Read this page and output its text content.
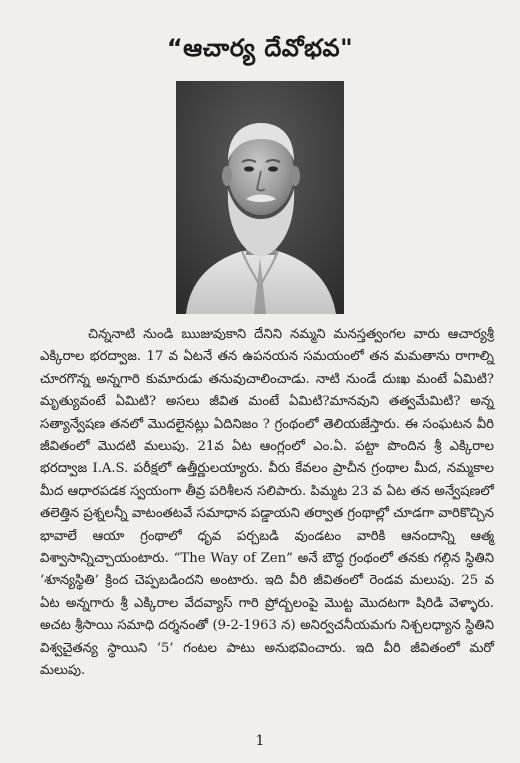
“ఆచార్య దేవోభవ"

చిన్ననాటి నుండి ఋజువుకాని దేనిని నమ్మని మనస్తత్వంగల వారు ఆచార్యశ్రీ ఎక్కిరాల భరద్వాజ. 17 వ ఏటనే తన ఉపనయన సమయంలో తన మమతాను రాగాల్ని చూరగొన్న అన్నగారి కుమారుడు తనువుచాలించాడు. నాటి నుండే దుఃఖ మంటే ఏమిటి? మృత్యువంటే ఏమిటి? అసలు జీవిత మంటే ఏమిటి?మానవుని తత్వమేమిటి? అన్న సత్యాన్వేషణ తనలో మొదలైనట్లు ఏదినిజం ? గ్రంథంలో తెలియజేస్తారు. ఈ సంఘటన వీరి జీవితంలో మొదటి మలుపు. 21వ ఏట ఆంగ్లంలో ఎం.ఏ. పట్టా పొందిన శ్రీ ఎక్కిరాల భరద్వాజ I.A.S. పరీక్షలో ఉత్తీర్ణులయ్యారు. వీరు కేవలం ప్రాచీన గ్రంథాల మీద, నమ్మకాల మీద ఆధారపడక స్వయంగా తీవ్ర పరిశీలన సలిపారు. పిమ్మట 23 వ ఏట తన అన్వేషణలో తలెత్తిన ప్రశ్నలన్నీ వాటంతటవే సమాధాన పడ్డాయని తర్వాత గ్రంథాల్లో చూడగా వారికొచ్చిన భావాలే ఆయా గ్రంథాలో ధృవ పర్చబడి వుండటం వారికి ఆనందాన్ని ఆత్మ విశ్వాసాన్నిచ్చాయంటారు. “The Way of Zen” అనే బౌద్ధ గ్రంథంలో తనకు గల్గిన స్థితిని ‘శూన్యస్థితి’ క్రింద చెప్పబడిందని అంటారు. ఇది వీరి జీవితంలో రెండవ మలుపు. 25 వ ఏట అన్నగారు శ్రీ ఎక్కిరాల వేదవ్యాస్ గారి ప్రోద్బలంపై మొట్ట మొదటగా షిరిడి వెళ్ళారు. అచట శ్రీసాయి సమాధి దర్శనంతో (9-2-1963 న) అనిర్వచనీయమగు నిశ్చలధ్యాన స్థితిని విశ్వచైతన్య స్థాయిని ‘5’ గంటల పాటు అనుభవించారు. ఇది వీరి జీవితంలో మరో మలుపు.

1
